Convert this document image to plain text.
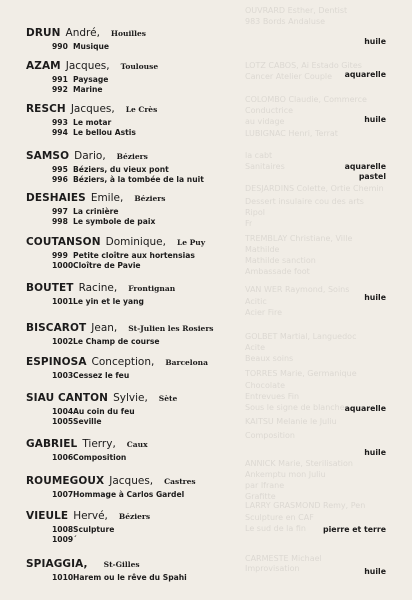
OUVRARD Esther, Dentist
983 Bords Andaluse
LOTZ CABOS, Ai Estado Gites
Cancer Atelier Couple
COLOMBO Claudie, Commerce
Conductrice
au vidage
LUBIGNAC Henri, Terrat
la cabt
Sanitaires
DESJARDINS Colette, Ortie Chemin
Dessert insulaire cou des arts
Ripol
Fr
TREMBLAY Christiane, Ville
Mathilde
Mathilde sanction
Ambassade foot
VAN WER Raymond, Soins
Acitic
Acier Fire
GOLBET Martial, Languedoc
Acite
Beaux soins
TORRES Marie, Germanique
Chocolate
Entrevues Fin
Sous le signe de blanche
KAITSU Melanie le Juliu
Composition
ANNICK Marie, Sterilisation
Ankemptu mon Juliu
par Ifrane
Grafitte
LARRY GRASMOND Remy, Pen
Sculpture en CAF
Le sud de la fin
CARMESTE Michael
Improvisation
DRUN André, Houilles
990 Musique
huile
AZAM Jacques, Toulouse
991 Paysage
992 Marine
aquarelle
RESCH Jacques, Le Crès
993 Le motar
994 Le bellou Astis
huile
SAMSO Dario, Béziers
995 Béziers, du vieux pont
996 Béziers, à la tombée de la nuit
aquarelle
pastel
DESHAIES Emile, Béziers
997 La crinière
998 Le symbole de paix
COUTANSON Dominique, Le Puy
999 Petite cloître aux hortensias
1000 Cloître de Pavie
BOUTET Racine, Frontignan
1001 Le yin et le yang	huile
BISCAROT Jean, St-Julien les Rosiers
1002 Le Champ de course
ESPINOSA Conception, Barcelona
1003 Cessez le feu
SIAU CANTON Sylvie, Sète
1004 Au coin du feu
1005 Seville
aquarelle
GABRIEL Tierry, Caux
1006 Composition
huile
ROUMEGOUX Jacques, Castres
1007 Hommage à Carlos Gardel
VIEULE Hervé, Béziers
1008 Sculpture
1009 ˊ
pierre et terre
SPIAGGIA, St-Gilles
1010 Harem ou le rêve du Spahi
huile
